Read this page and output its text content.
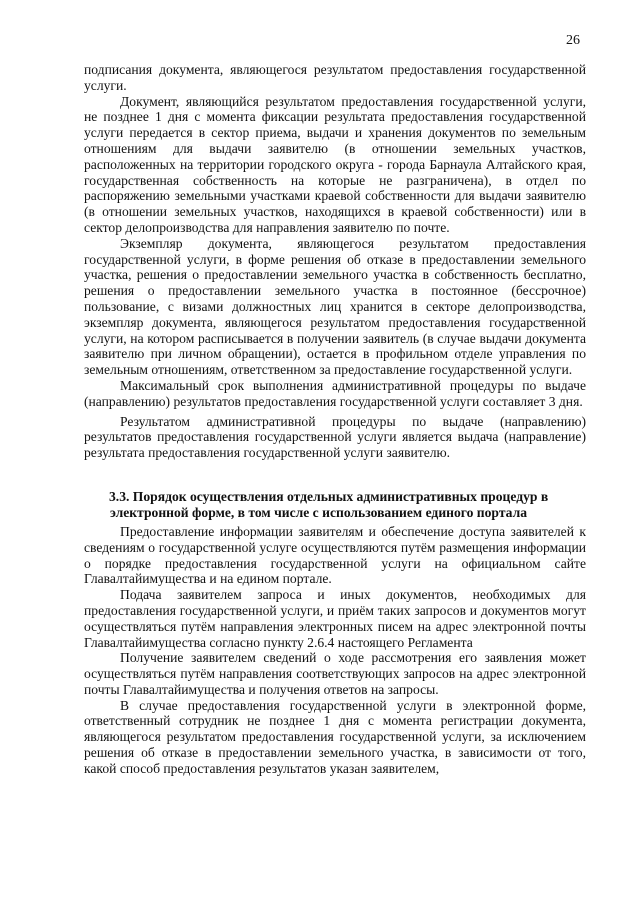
26

подписания документа, являющегося результатом предоставления государственной услуги.

Документ, являющийся результатом предоставления государственной услуги, не позднее 1 дня с момента фиксации результата предоставления государственной услуги передается в сектор приема, выдачи и хранения документов по земельным отношениям для выдачи заявителю (в отношении земельных участков, расположенных на территории городского округа - города Барнаула Алтайского края, государственная собственность на которые не разграничена), в отдел по распоряжению земельными участками краевой собственности для выдачи заявителю (в отношении земельных участков, находящихся в краевой собственности) или в сектор делопроизводства для направления заявителю по почте.

Экземпляр документа, являющегося результатом предоставления государственной услуги, в форме решения об отказе в предоставлении земельного участка, решения о предоставлении земельного участка в собственность бесплатно, решения о предоставлении земельного участка в постоянное (бессрочное) пользование, с визами должностных лиц хранится в секторе делопроизводства, экземпляр документа, являющегося результатом предоставления государственной услуги, на котором расписывается в получении заявитель (в случае выдачи документа заявителю при личном обращении), остается в профильном отделе управления по земельным отношениям, ответственном за предоставление государственной услуги.

Максимальный срок выполнения административной процедуры по выдаче (направлению) результатов предоставления государственной услуги составляет 3 дня.

Результатом административной процедуры по выдаче (направлению) результатов предоставления государственной услуги является выдача (направление) результата предоставления государственной услуги заявителю.

3.3. Порядок осуществления отдельных административных процедур в электронной форме, в том числе с использованием единого портала

Предоставление информации заявителям и обеспечение доступа заявителей к сведениям о государственной услуге осуществляются путём размещения информации о порядке предоставления государственной услуги на официальном сайте Главалтайимущества и на едином портале.

Подача заявителем запроса и иных документов, необходимых для предоставления государственной услуги, и приём таких запросов и документов могут осуществляться путём направления электронных писем на адрес электронной почты Главалтайимущества согласно пункту 2.6.4 настоящего Регламента

Получение заявителем сведений о ходе рассмотрения его заявления может осуществляться путём направления соответствующих запросов на адрес электронной почты Главалтайимущества и получения ответов на запросы.

В случае предоставления государственной услуги в электронной форме, ответственный сотрудник не позднее 1 дня с момента регистрации документа, являющегося результатом предоставления государственной услуги, за исключением решения об отказе в предоставлении земельного участка, в зависимости от того, какой способ предоставления результатов указан заявителем,
